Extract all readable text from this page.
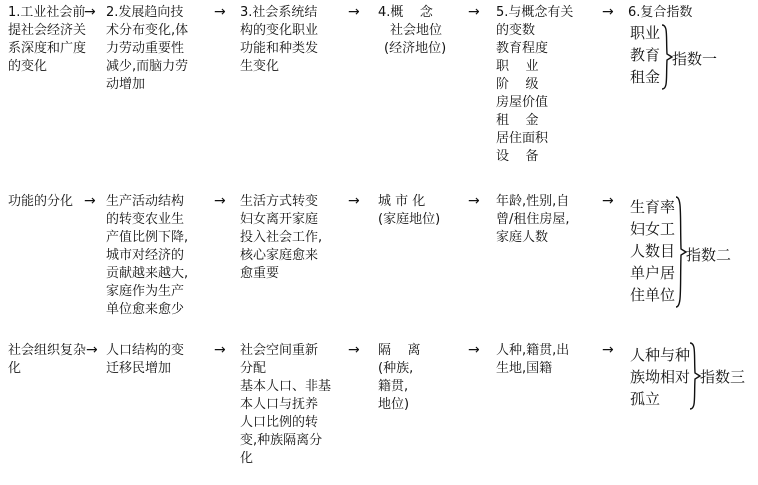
1.工业社会前
提社会经济关
系深度和广度
的变化
→ 2.发展趋向技
术分布变化,体
力劳动重要性
减少,而脑力劳
动增加
→ 3.社会系统结
构的变化职业
功能和种类发
生变化
→ 4.概    念
社会地位
(经济地位)
→ 5.与概念有关
的变数
教育程度
职    业
阶    级
房屋价值
租    金
居住面积
设    备
→ 6.复合指数
职业
教育
租金
指数一
功能的分化 → 生产活动结构
的转变农业生
产值比例下降,
城市对经济的
贡献越来越大,
家庭作为生产
单位愈来愈少
→ 生活方式转变
妇女离开家庭
投入社会工作,
核心家庭愈来
愈重要
→ 城 市 化
(家庭地位)
→ 年龄,性别,自
曾/租住房屋,
家庭人数
→ 生育率
妇女工
人数目
单户居
住单位
指数二
社会组织复杂
化
→ 人口结构的变
迁移民增加
→ 社会空间重新
分配
基本人口、非基
本人口与抚养
人口比例的转
变,种族隔离分
化
→ 隔    离
(种族,
籍贯,
地位)
→ 人种,籍贯,出
生地,国籍
→ 人种与种
族坳相对
孤立
指数三
